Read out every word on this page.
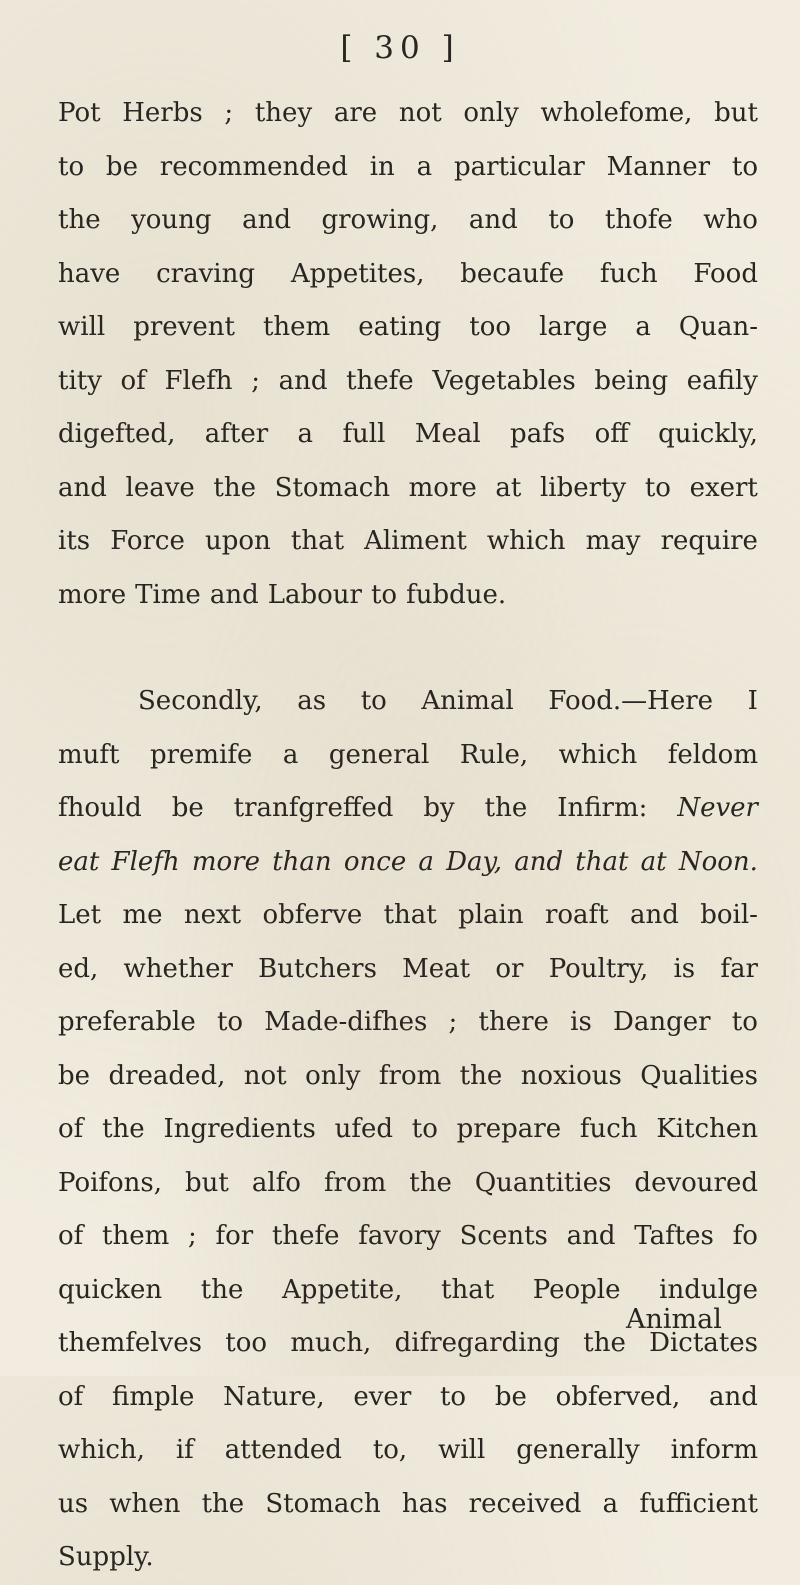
[ 30 ]
Pot Herbs ; they are not only wholefome, but
to be recommended in a particular Manner to
the young and growing, and to thofe who
have craving Appetites, becaufe fuch Food
will prevent them eating too large a Quan-
tity of Flefh ; and thefe Vegetables being eafily
digefted, after a full Meal pafs off quickly,
and leave the Stomach more at liberty to exert
its Force upon that Aliment which may require
more Time and Labour to fubdue.
Secondly, as to Animal Food.—Here I
muft premife a general Rule, which feldom
fhould be tranfgreffed by the Infirm: Never
eat Flefh more than once a Day, and that at Noon.
Let me next obferve that plain roaft and boil-
ed, whether Butchers Meat or Poultry, is far
preferable to Made-difhes ; there is Danger to
be dreaded, not only from the noxious Qualities
of the Ingredients ufed to prepare fuch Kitchen
Poifons, but alfo from the Quantities devoured
of them ; for thefe favory Scents and Taftes fo
quicken the Appetite, that People indulge
themfelves too much, difregarding the Dictates
of fimple Nature, ever to be obferved, and
which, if attended to, will generally inform
us when the Stomach has received a fufficient
Supply.
Animal
